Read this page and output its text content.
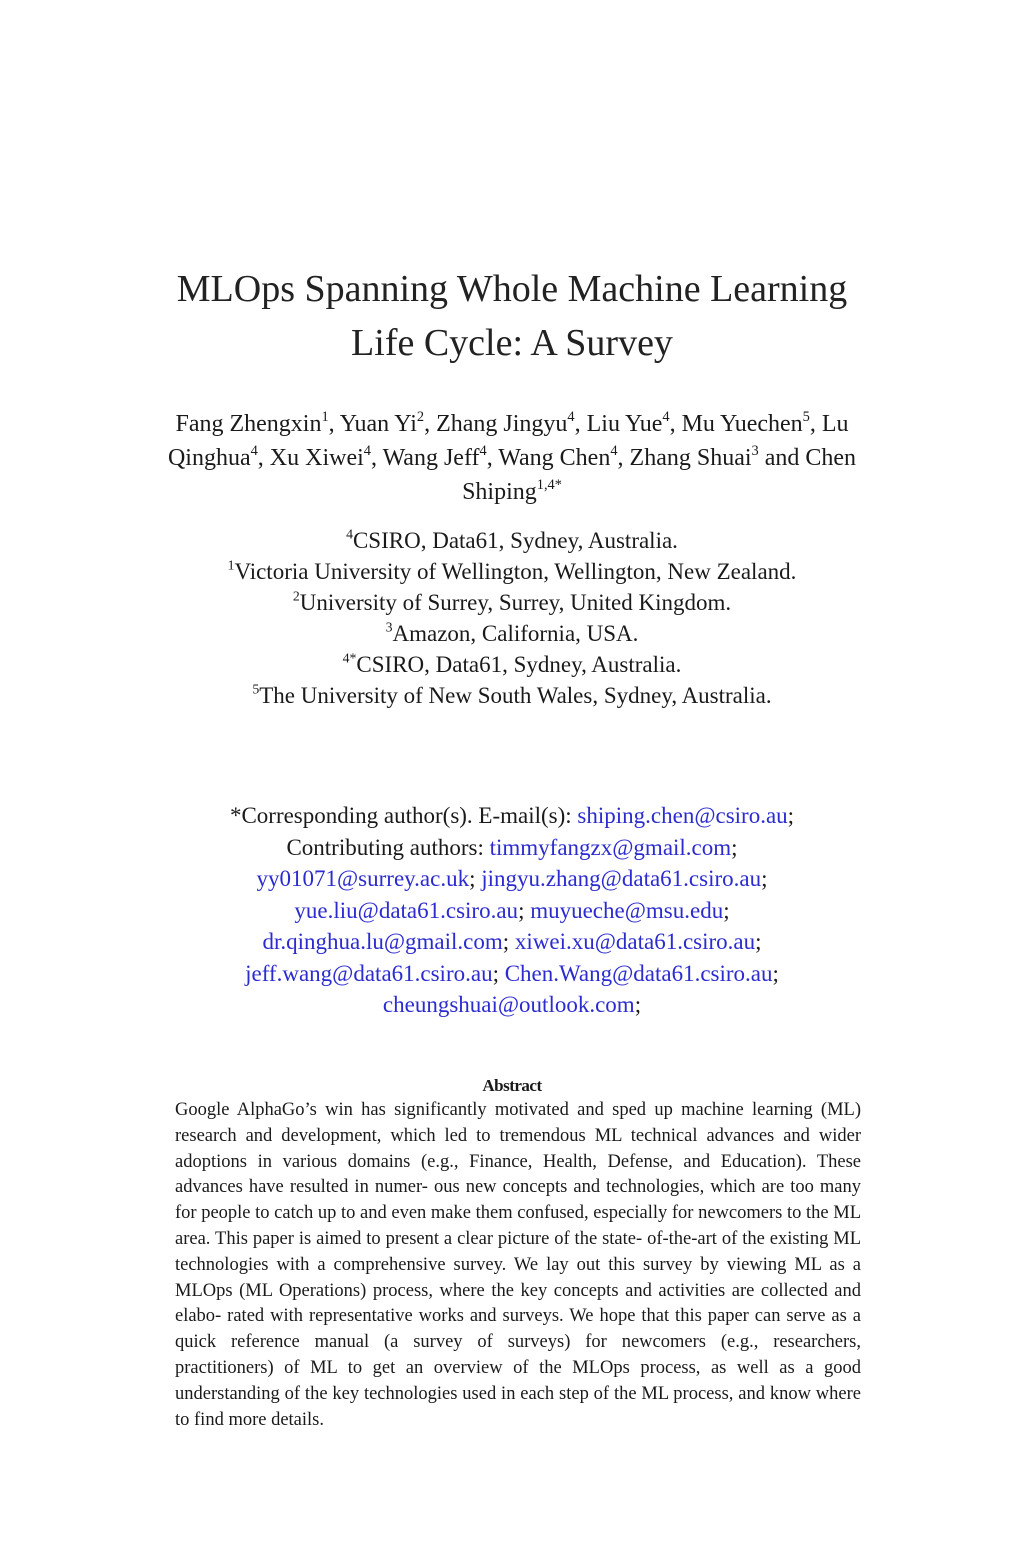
MLOps Spanning Whole Machine Learning
Life Cycle: A Survey
Fang Zhengxin$^1$, Yuan Yi$^2$, Zhang Jingyu$^4$, Liu Yue$^4$, Mu Yuechen$^5$, Lu Qinghua$^4$, Xu Xiwei$^4$, Wang Jeff$^4$, Wang Chen$^4$, Zhang Shuai$^3$ and Chen Shiping$^{1,4*}$
$^4$CSIRO, Data61, Sydney, Australia.
$^1$Victoria University of Wellington, Wellington, New Zealand.
$^2$University of Surrey, Surrey, United Kingdom.
$^3$Amazon, California, USA.
$^{4*}$CSIRO, Data61, Sydney, Australia.
$^5$The University of New South Wales, Sydney, Australia.
*Corresponding author(s). E-mail(s): shiping.chen@csiro.au;
Contributing authors: timmyfangzx@gmail.com;
yy01071@surrey.ac.uk; jingyu.zhang@data61.csiro.au;
yue.liu@data61.csiro.au; muyueche@msu.edu;
dr.qinghua.lu@gmail.com; xiwei.xu@data61.csiro.au;
jeff.wang@data61.csiro.au; Chen.Wang@data61.csiro.au;
cheungshuai@outlook.com;
Abstract
Google AlphaGo’s win has significantly motivated and sped up machine learning (ML) research and development, which led to tremendous ML technical advances and wider adoptions in various domains (e.g., Finance, Health, Defense, and Education). These advances have resulted in numer- ous new concepts and technologies, which are too many for people to catch up to and even make them confused, especially for newcomers to the ML area. This paper is aimed to present a clear picture of the state- of-the-art of the existing ML technologies with a comprehensive survey. We lay out this survey by viewing ML as a MLOps (ML Operations) process, where the key concepts and activities are collected and elabo- rated with representative works and surveys. We hope that this paper can serve as a quick reference manual (a survey of surveys) for newcomers (e.g., researchers, practitioners) of ML to get an overview of the MLOps process, as well as a good understanding of the key technologies used in each step of the ML process, and know where to find more details.
